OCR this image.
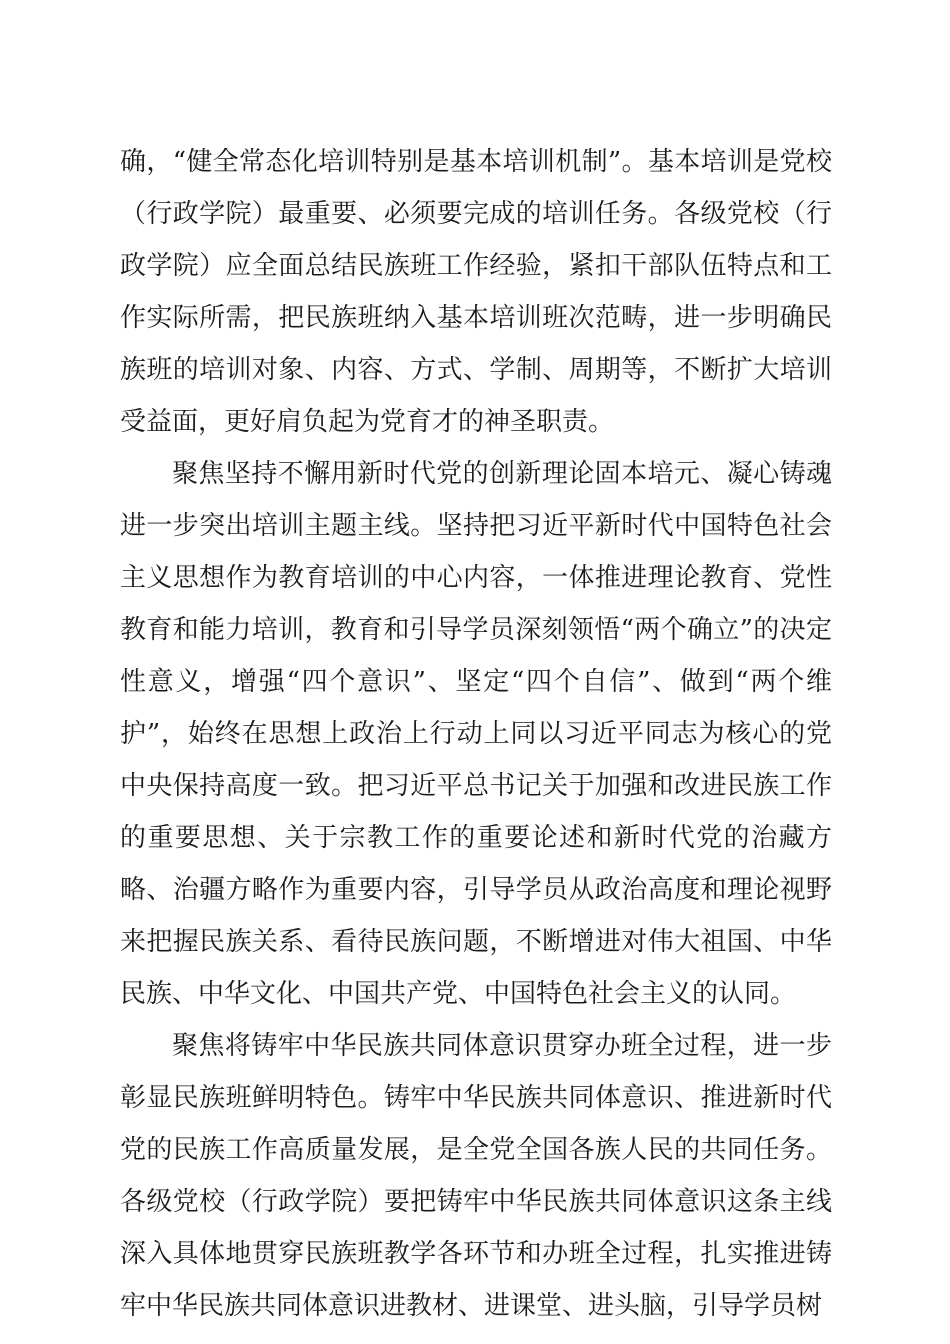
确，“健全常态化培训特别是基本培训机制”。基本培训是党校（行政学院）最重要、必须要完成的培训任务。各级党校（行政学院）应全面总结民族班工作经验，紧扣干部队伍特点和工作实际所需，把民族班纳入基本培训班次范畴，进一步明确民族班的培训对象、内容、方式、学制、周期等，不断扩大培训受益面，更好肩负起为党育才的神圣职责。

聚焦坚持不懈用新时代党的创新理论固本培元、凝心铸魂进一步突出培训主题主线。坚持把习近平新时代中国特色社会主义思想作为教育培训的中心内容，一体推进理论教育、党性教育和能力培训，教育和引导学员深刻领悟“两个确立”的决定性意义，增强“四个意识”、坚定“四个自信”、做到“两个维护”，始终在思想上政治上行动上同以习近平同志为核心的党中央保持高度一致。把习近平总书记关于加强和改进民族工作的重要思想、关于宗教工作的重要论述和新时代党的治藏方略、治疆方略作为重要内容，引导学员从政治高度和理论视野来把握民族关系、看待民族问题，不断增进对伟大祖国、中华民族、中华文化、中国共产党、中国特色社会主义的认同。

聚焦将铸牢中华民族共同体意识贯穿办班全过程，进一步彰显民族班鲜明特色。铸牢中华民族共同体意识、推进新时代党的民族工作高质量发展，是全党全国各族人民的共同任务。各级党校（行政学院）要把铸牢中华民族共同体意识这条主线深入具体地贯穿民族班教学各环节和办班全过程，扎实推进铸牢中华民族共同体意识进教材、进课堂、进头脑，引导学员树
